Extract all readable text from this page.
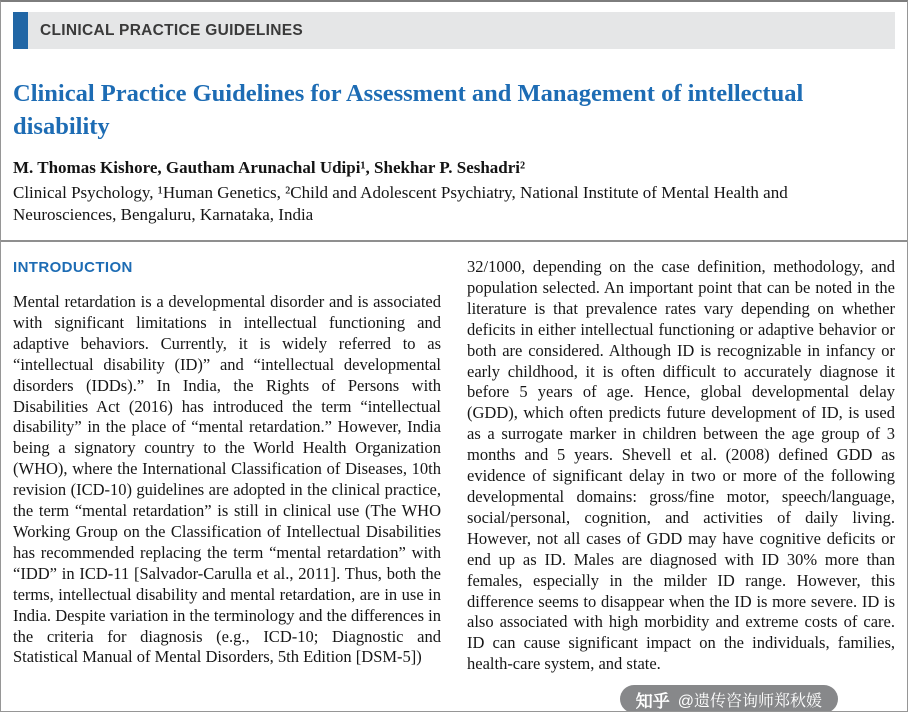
CLINICAL PRACTICE GUIDELINES
Clinical Practice Guidelines for Assessment and Management of intellectual disability

M. Thomas Kishore, Gautham Arunachal Udipi¹, Shekhar P. Seshadri²

Clinical Psychology, ¹Human Genetics, ²Child and Adolescent Psychiatry, National Institute of Mental Health and Neurosciences, Bengaluru, Karnataka, India

INTRODUCTION

Mental retardation is a developmental disorder and is associated with significant limitations in intellectual functioning and adaptive behaviors. Currently, it is widely referred to as “intellectual disability (ID)” and “intellectual developmental disorders (IDDs).” In India, the Rights of Persons with Disabilities Act (2016) has introduced the term “intellectual disability” in the place of “mental retardation.” However, India being a signatory country to the World Health Organization (WHO), where the International Classification of Diseases, 10th revision (ICD-10) guidelines are adopted in the clinical practice, the term “mental retardation” is still in clinical use (The WHO Working Group on the Classification of Intellectual Disabilities has recommended replacing the term “mental retardation” with “IDD” in ICD-11 [Salvador-Carulla et al., 2011]. Thus, both the terms, intellectual disability and mental retardation, are in use in India. Despite variation in the terminology and the differences in the criteria for diagnosis (e.g., ICD-10; Diagnostic and Statistical Manual of Mental Disorders, 5th Edition [DSM-5])

32/1000, depending on the case definition, methodology, and population selected. An important point that can be noted in the literature is that prevalence rates vary depending on whether deficits in either intellectual functioning or adaptive behavior or both are considered. Although ID is recognizable in infancy or early childhood, it is often difficult to accurately diagnose it before 5 years of age. Hence, global developmental delay (GDD), which often predicts future development of ID, is used as a surrogate marker in children between the age group of 3 months and 5 years. Shevell et al. (2008) defined GDD as evidence of significant delay in two or more of the following developmental domains: gross/fine motor, speech/language, social/personal, cognition, and activities of daily living. However, not all cases of GDD may have cognitive deficits or end up as ID. Males are diagnosed with ID 30% more than females, especially in the milder ID range. However, this difference seems to disappear when the ID is more severe. ID is also associated with high morbidity and extreme costs of care. ID can cause significant impact on the individuals, families, health-care system, and state.

知乎 @遗传咨询师郑秋媛
